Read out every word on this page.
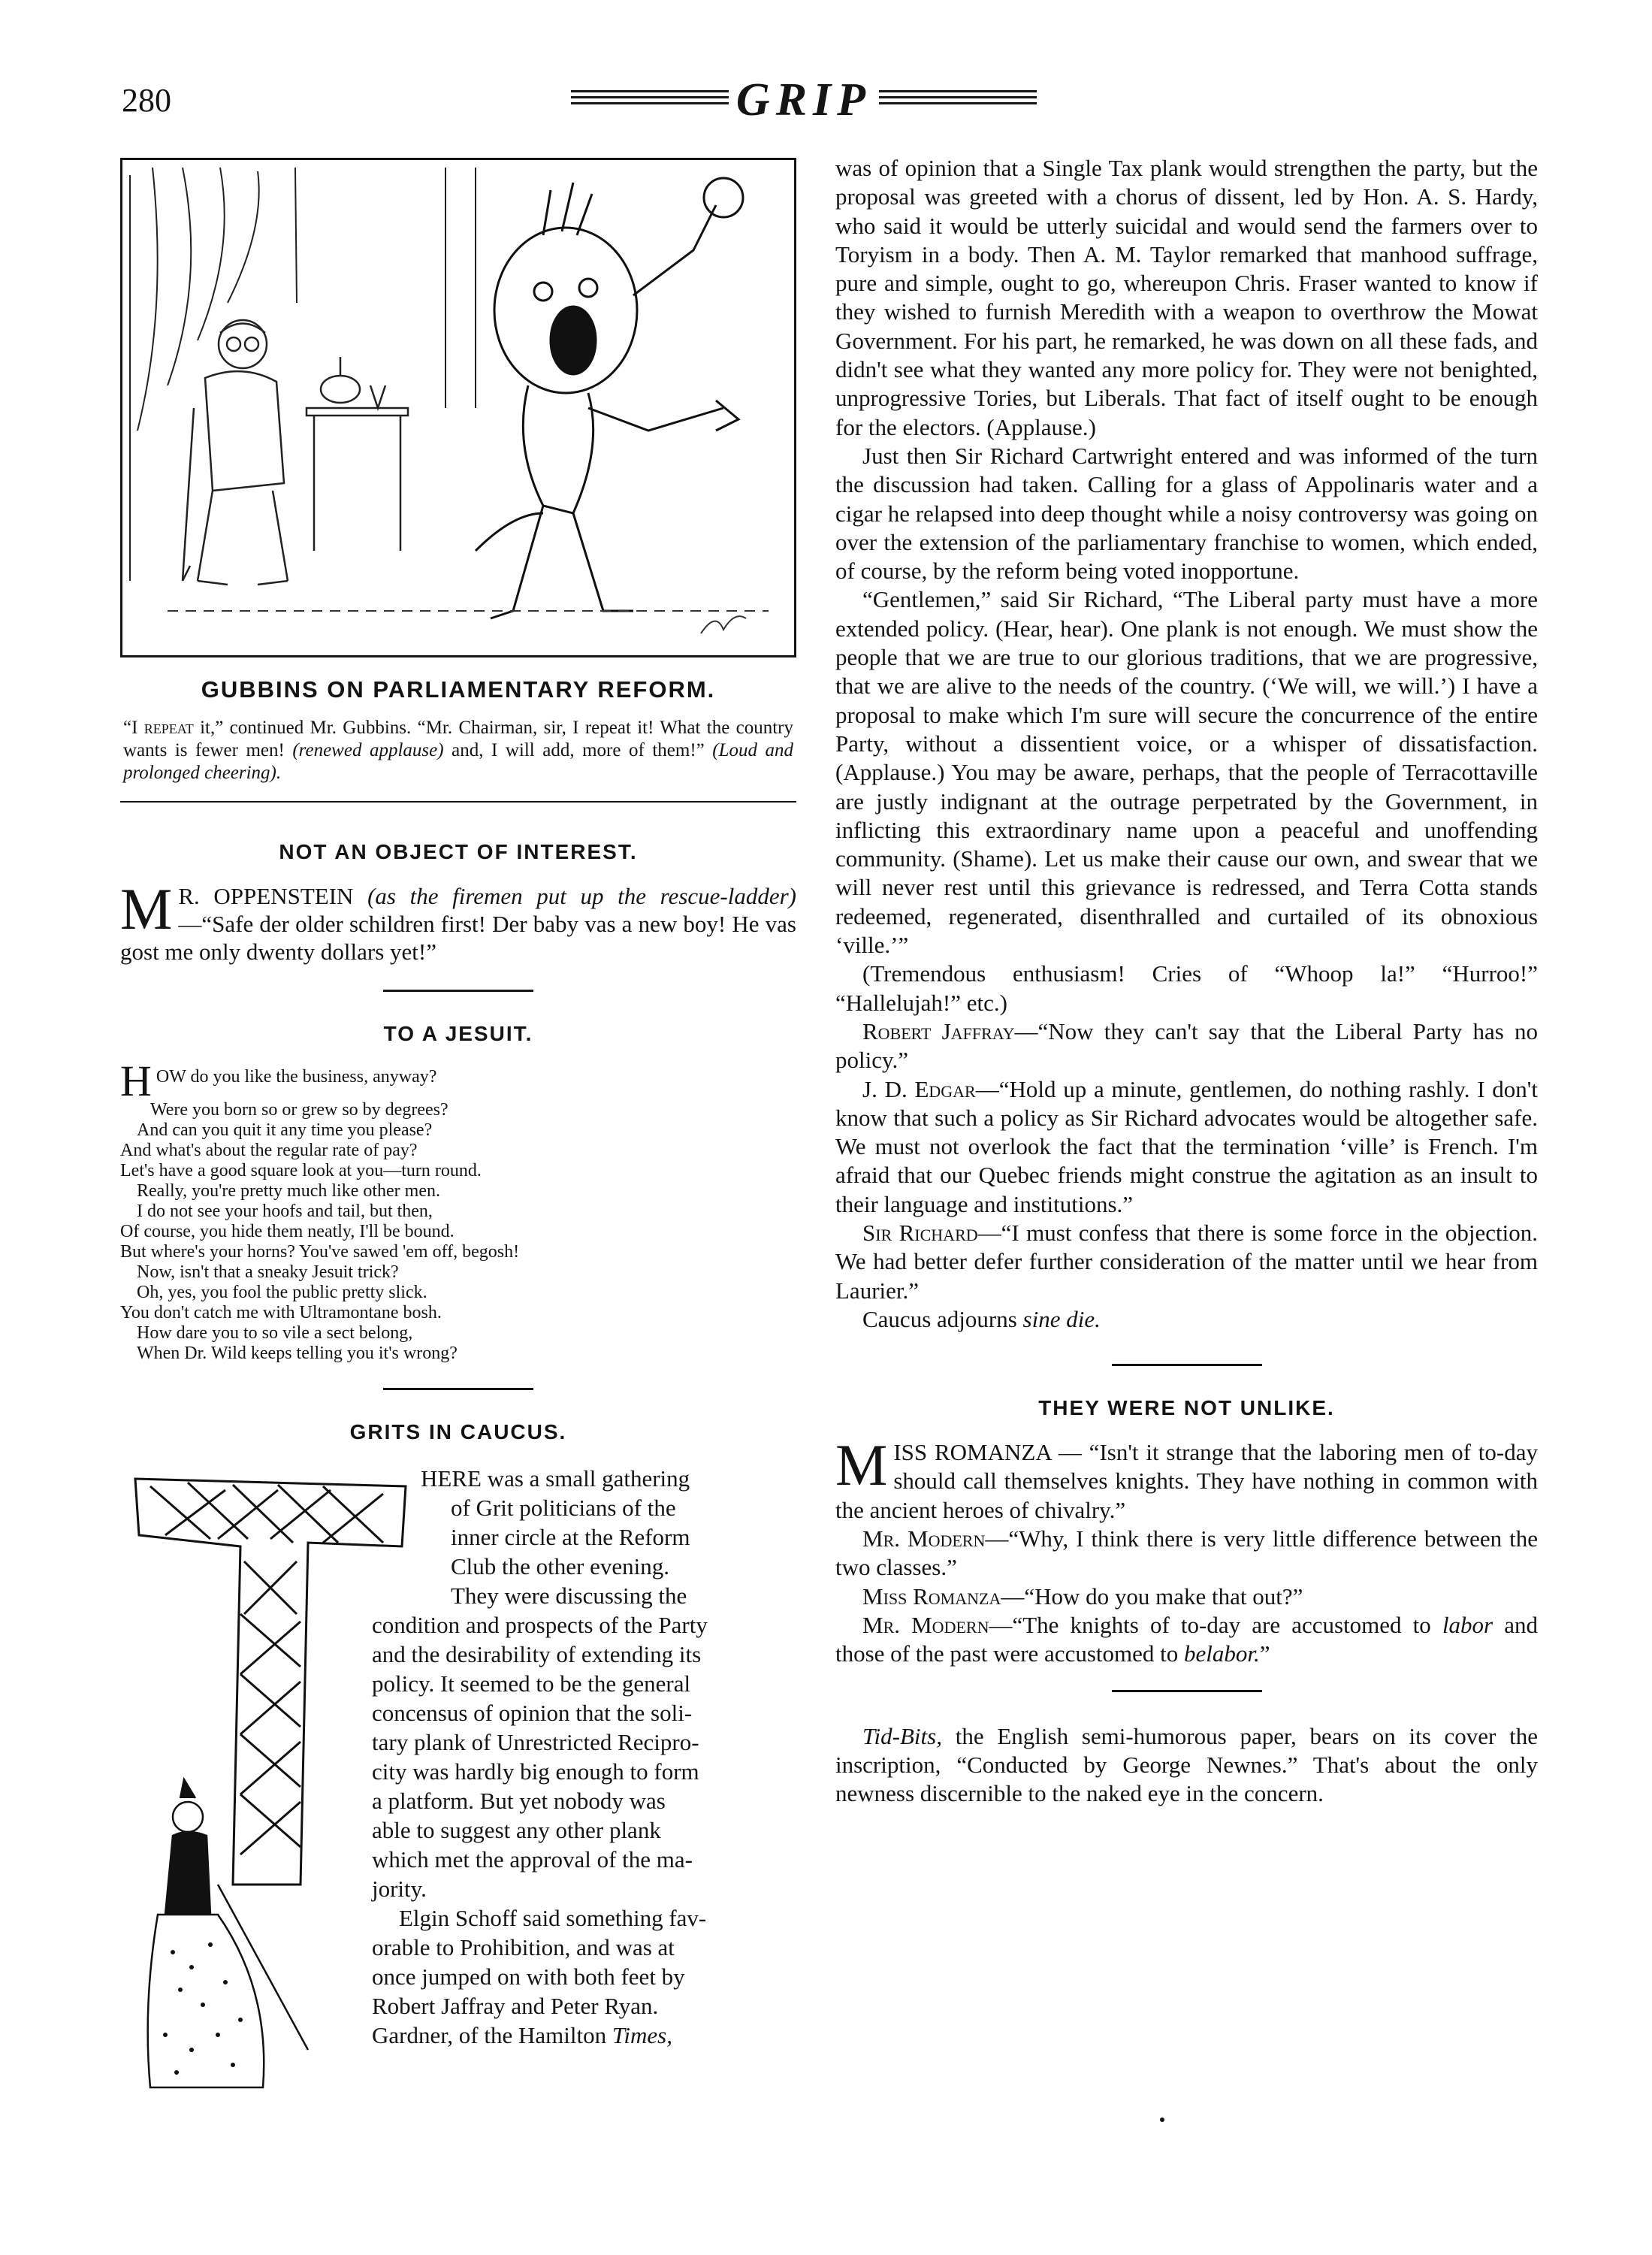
280	GRIP
GUBBINS ON PARLIAMENTARY REFORM.
“I repeat it,” continued Mr. Gubbins. “Mr. Chairman, sir, I repeat it! What the country wants is fewer men! (renewed applause) and, I will add, more of them!” (Loud and prolonged cheering).
NOT AN OBJECT OF INTEREST.
M R. OPPENSTEIN (as the firemen put up the rescue-ladder)—“Safe der older schildren first! Der baby vas a new boy! He vas gost me only dwenty dollars yet!”
TO A JESUIT.
H OW do you like the business, anyway?
Were you born so or grew so by degrees?
And can you quit it any time you please?
And what's about the regular rate of pay?
Let's have a good square look at you—turn round.
Really, you're pretty much like other men.
I do not see your hoofs and tail, but then,
Of course, you hide them neatly, I'll be bound.
But where's your horns? You've sawed 'em off, begosh!
Now, isn't that a sneaky Jesuit trick?
Oh, yes, you fool the public pretty slick.
You don't catch me with Ultramontane bosh.
How dare you to so vile a sect belong,
When Dr. Wild keeps telling you it's wrong?
GRITS IN CAUCUS.
HERE was a small gathering
of Grit politicians of the
inner circle at the Reform
Club the other evening.
They were discussing the
condition and prospects of the Party
and the desirability of extending its
policy. It seemed to be the general
concensus of opinion that the soli-
tary plank of Unrestricted Recipro-
city was hardly big enough to form
a platform. But yet nobody was
able to suggest any other plank
which met the approval of the ma-
jority.
Elgin Schoff said something fav-
orable to Prohibition, and was at
once jumped on with both feet by
Robert Jaffray and Peter Ryan.
Gardner, of the Hamilton Times,

was of opinion that a Single Tax plank would strengthen the party, but the proposal was greeted with a chorus of dissent, led by Hon. A. S. Hardy, who said it would be utterly suicidal and would send the farmers over to Toryism in a body. Then A. M. Taylor remarked that manhood suffrage, pure and simple, ought to go, whereupon Chris. Fraser wanted to know if they wished to furnish Meredith with a weapon to overthrow the Mowat Government. For his part, he remarked, he was down on all these fads, and didn't see what they wanted any more policy for. They were not benighted, unprogressive Tories, but Liberals. That fact of itself ought to be enough for the electors. (Applause.)

Just then Sir Richard Cartwright entered and was informed of the turn the discussion had taken. Calling for a glass of Appolinaris water and a cigar he relapsed into deep thought while a noisy controversy was going on over the extension of the parliamentary franchise to women, which ended, of course, by the reform being voted inopportune.

“Gentlemen,” said Sir Richard, “The Liberal party must have a more extended policy. (Hear, hear). One plank is not enough. We must show the people that we are true to our glorious traditions, that we are progressive, that we are alive to the needs of the country. (‘We will, we will.’) I have a proposal to make which I'm sure will secure the concurrence of the entire Party, without a dissentient voice, or a whisper of dissatisfaction. (Applause.) You may be aware, perhaps, that the people of Terracottaville are justly indignant at the outrage perpetrated by the Government, in inflicting this extraordinary name upon a peaceful and unoffending community. (Shame). Let us make their cause our own, and swear that we will never rest until this grievance is redressed, and Terra Cotta stands redeemed, regenerated, disenthralled and curtailed of its obnoxious ‘ville.’”

(Tremendous enthusiasm! Cries of “Whoop la!” “Hurroo!” “Hallelujah!” etc.)

Robert Jaffray—“Now they can't say that the Liberal Party has no policy.”

J. D. Edgar—“Hold up a minute, gentlemen, do nothing rashly. I don't know that such a policy as Sir Richard advocates would be altogether safe. We must not overlook the fact that the termination ‘ville’ is French. I'm afraid that our Quebec friends might construe the agitation as an insult to their language and institutions.”

Sir Richard—“I must confess that there is some force in the objection. We had better defer further consideration of the matter until we hear from Laurier.”

Caucus adjourns sine die.

THEY WERE NOT UNLIKE.

MISS ROMANZA — “Isn't it strange that the laboring men of to-day should call themselves knights. They have nothing in common with the ancient heroes of chivalry.”

Mr. Modern—“Why, I think there is very little difference between the two classes.”

Miss Romanza—“How do you make that out?”

Mr. Modern—“The knights of to-day are accustomed to labor and those of the past were accustomed to belabor.”

Tid-Bits, the English semi-humorous paper, bears on its cover the inscription, “Conducted by George Newnes.” That's about the only newness discernible to the naked eye in the concern.
